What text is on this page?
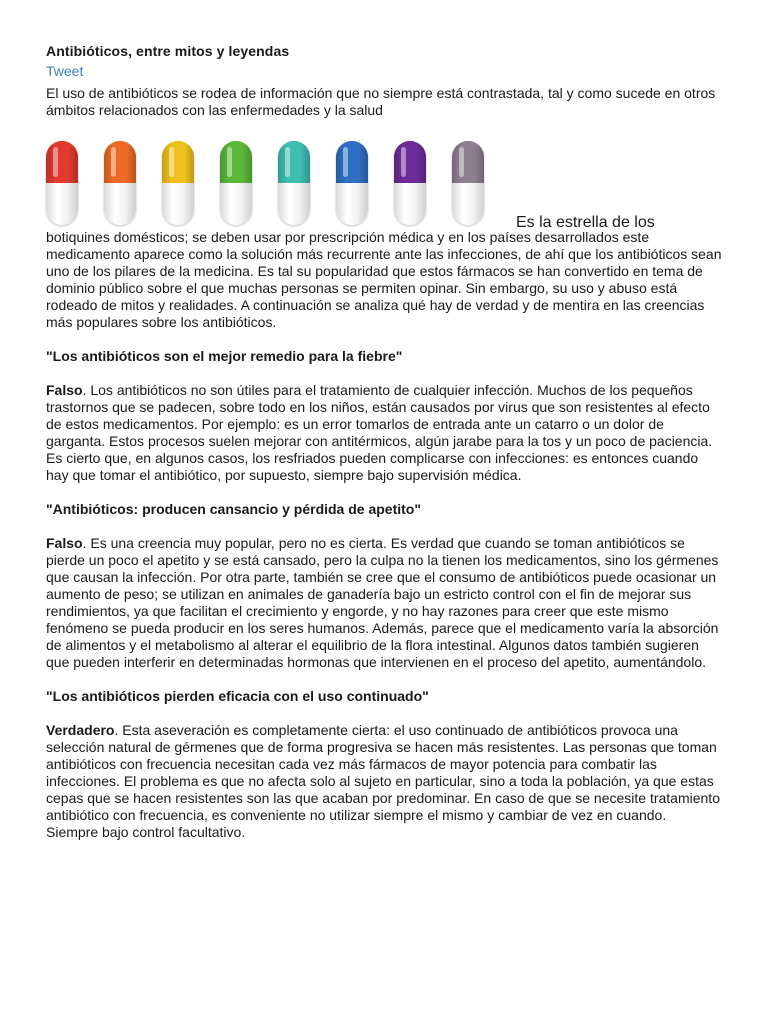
Antibióticos, entre mitos y leyendas
Tweet

El uso de antibióticos se rodea de información que no siempre está contrastada, tal y como sucede en otros ámbitos relacionados con las enfermedades y la salud

Es la estrella de los

botiquines domésticos; se deben usar por prescripción médica y en los países desarrollados este medicamento aparece como la solución más recurrente ante las infecciones, de ahí que los antibióticos sean uno de los pilares de la medicina. Es tal su popularidad que estos fármacos se han convertido en tema de dominio público sobre el que muchas personas se permiten opinar. Sin embargo, su uso y abuso está rodeado de mitos y realidades. A continuación se analiza qué hay de verdad y de mentira en las creencias más populares sobre los antibióticos.

"Los antibióticos son el mejor remedio para la fiebre"

Falso. Los antibióticos no son útiles para el tratamiento de cualquier infección. Muchos de los pequeños trastornos que se padecen, sobre todo en los niños, están causados por virus que son resistentes al efecto de estos medicamentos. Por ejemplo: es un error tomarlos de entrada ante un catarro o un dolor de garganta. Estos procesos suelen mejorar con antitérmicos, algún jarabe para la tos y un poco de paciencia. Es cierto que, en algunos casos, los resfriados pueden complicarse con infecciones: es entonces cuando hay que tomar el antibiótico, por supuesto, siempre bajo supervisión médica.

"Antibióticos: producen cansancio y pérdida de apetito"

Falso. Es una creencia muy popular, pero no es cierta. Es verdad que cuando se toman antibióticos se pierde un poco el apetito y se está cansado, pero la culpa no la tienen los medicamentos, sino los gérmenes que causan la infección. Por otra parte, también se cree que el consumo de antibióticos puede ocasionar un aumento de peso; se utilizan en animales de ganadería bajo un estricto control con el fin de mejorar sus rendimientos, ya que facilitan el crecimiento y engorde, y no hay razones para creer que este mismo fenómeno se pueda producir en los seres humanos. Además, parece que el medicamento varía la absorción de alimentos y el metabolismo al alterar el equilibrio de la flora intestinal. Algunos datos también sugieren que pueden interferir en determinadas hormonas que intervienen en el proceso del apetito, aumentándolo.

"Los antibióticos pierden eficacia con el uso continuado"

Verdadero. Esta aseveración es completamente cierta: el uso continuado de antibióticos provoca una selección natural de gérmenes que de forma progresiva se hacen más resistentes. Las personas que toman antibióticos con frecuencia necesitan cada vez más fármacos de mayor potencia para combatir las infecciones. El problema es que no afecta solo al sujeto en particular, sino a toda la población, ya que estas cepas que se hacen resistentes son las que acaban por predominar. En caso de que se necesite tratamiento antibiótico con frecuencia, es conveniente no utilizar siempre el mismo y cambiar de vez en cuando. Siempre bajo control facultativo.
